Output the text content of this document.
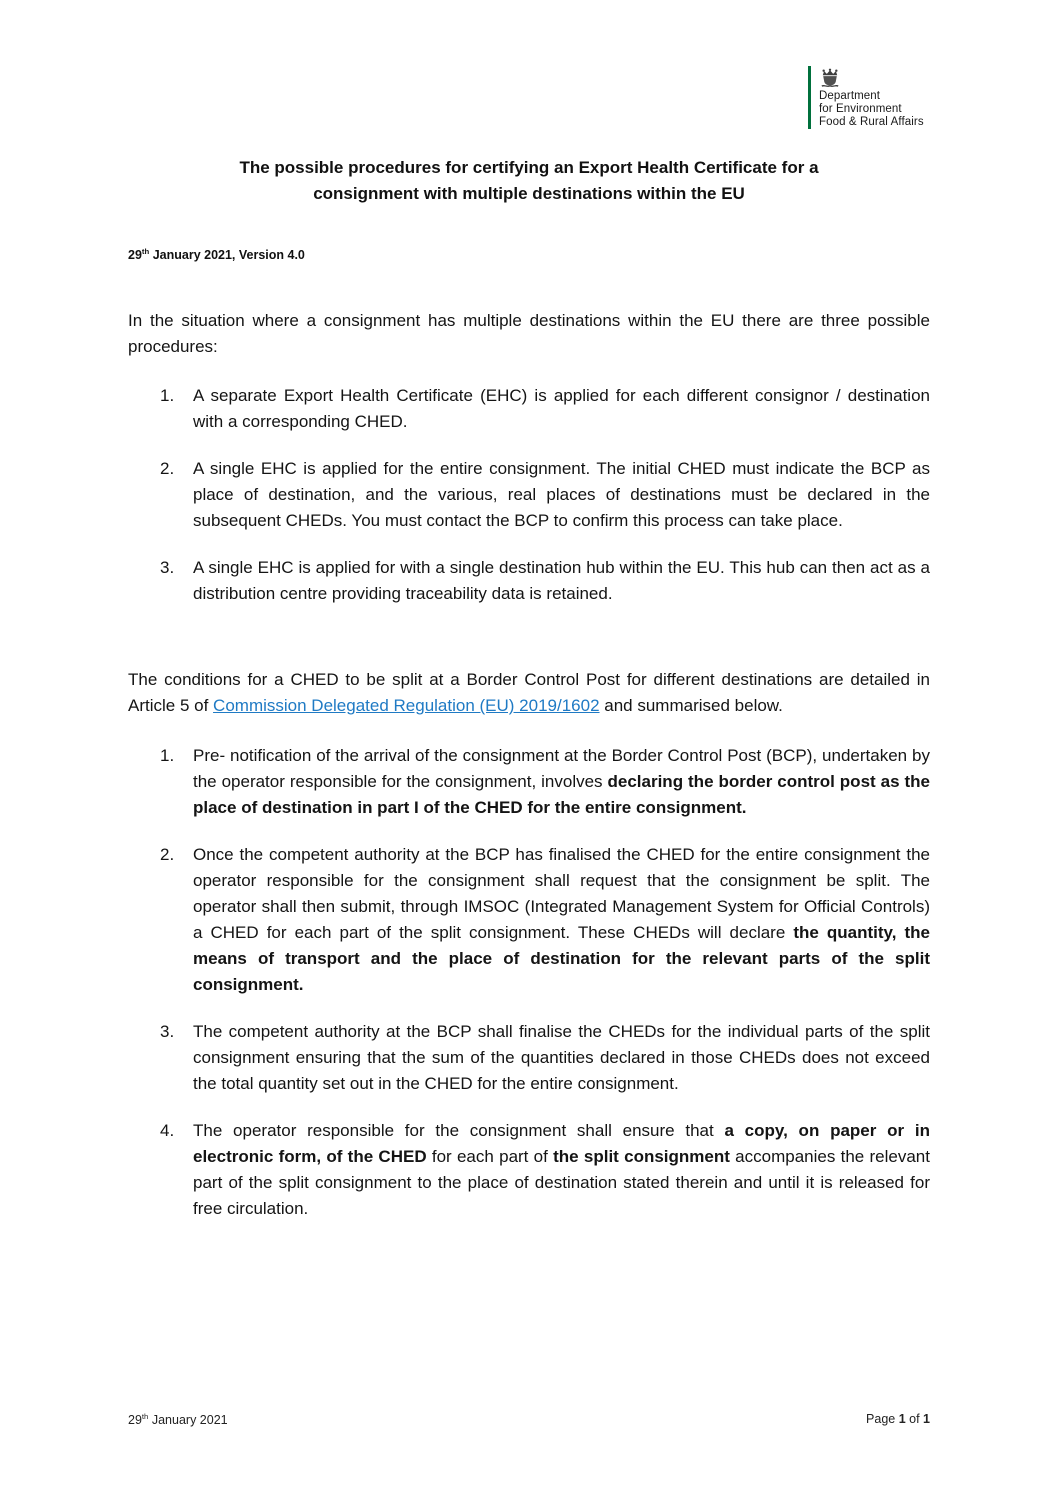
Department
for Environment
Food & Rural Affairs
The possible procedures for certifying an Export Health Certificate for a
consignment with multiple destinations within the EU

29th January 2021, Version 4.0

In the situation where a consignment has multiple destinations within the EU there are three possible procedures:

1.	A separate Export Health Certificate (EHC) is applied for each different consignor / destination with a corresponding CHED.
2.	A single EHC is applied for the entire consignment. The initial CHED must indicate the BCP as place of destination, and the various, real places of destinations must be declared in the subsequent CHEDs. You must contact the BCP to confirm this process can take place.
3.	A single EHC is applied for with a single destination hub within the EU. This hub can then act as a distribution centre providing traceability data is retained.

The conditions for a CHED to be split at a Border Control Post for different destinations are detailed in Article 5 of Commission Delegated Regulation (EU) 2019/1602 and summarised below.

1.	Pre- notification of the arrival of the consignment at the Border Control Post (BCP), undertaken by the operator responsible for the consignment, involves declaring the border control post as the place of destination in part I of the CHED for the entire consignment.
2.	Once the competent authority at the BCP has finalised the CHED for the entire consignment the operator responsible for the consignment shall request that the consignment be split. The operator shall then submit, through IMSOC (Integrated Management System for Official Controls) a CHED for each part of the split consignment. These CHEDs will declare the quantity, the means of transport and the place of destination for the relevant parts of the split consignment.
3.	The competent authority at the BCP shall finalise the CHEDs for the individual parts of the split consignment ensuring that the sum of the quantities declared in those CHEDs does not exceed the total quantity set out in the CHED for the entire consignment.
4.	The operator responsible for the consignment shall ensure that a copy, on paper or in electronic form, of the CHED for each part of the split consignment accompanies the relevant part of the split consignment to the place of destination stated therein and until it is released for free circulation.
29th January 2021	Page 1 of 1
